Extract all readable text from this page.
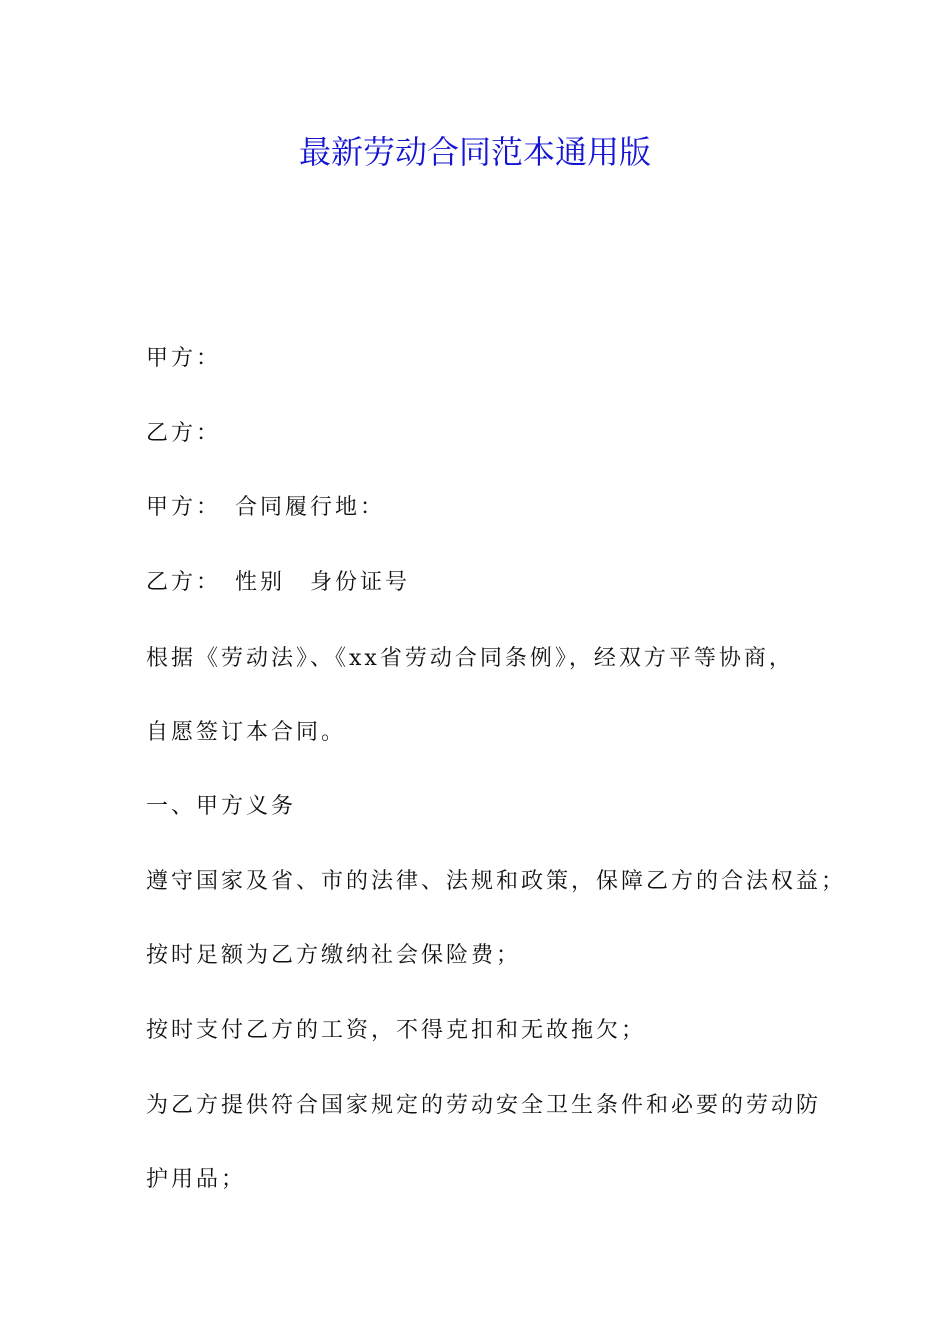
最新劳动合同范本通用版

甲方：

乙方：

甲方：　合同履行地：

乙方：　性别　身份证号

根据《劳动法》、《xx省劳动合同条例》，经双方平等协商，

自愿签订本合同。

一、甲方义务

遵守国家及省、市的法律、法规和政策，保障乙方的合法权益；

按时足额为乙方缴纳社会保险费；

按时支付乙方的工资，不得克扣和无故拖欠；

为乙方提供符合国家规定的劳动安全卫生条件和必要的劳动防

护用品；
